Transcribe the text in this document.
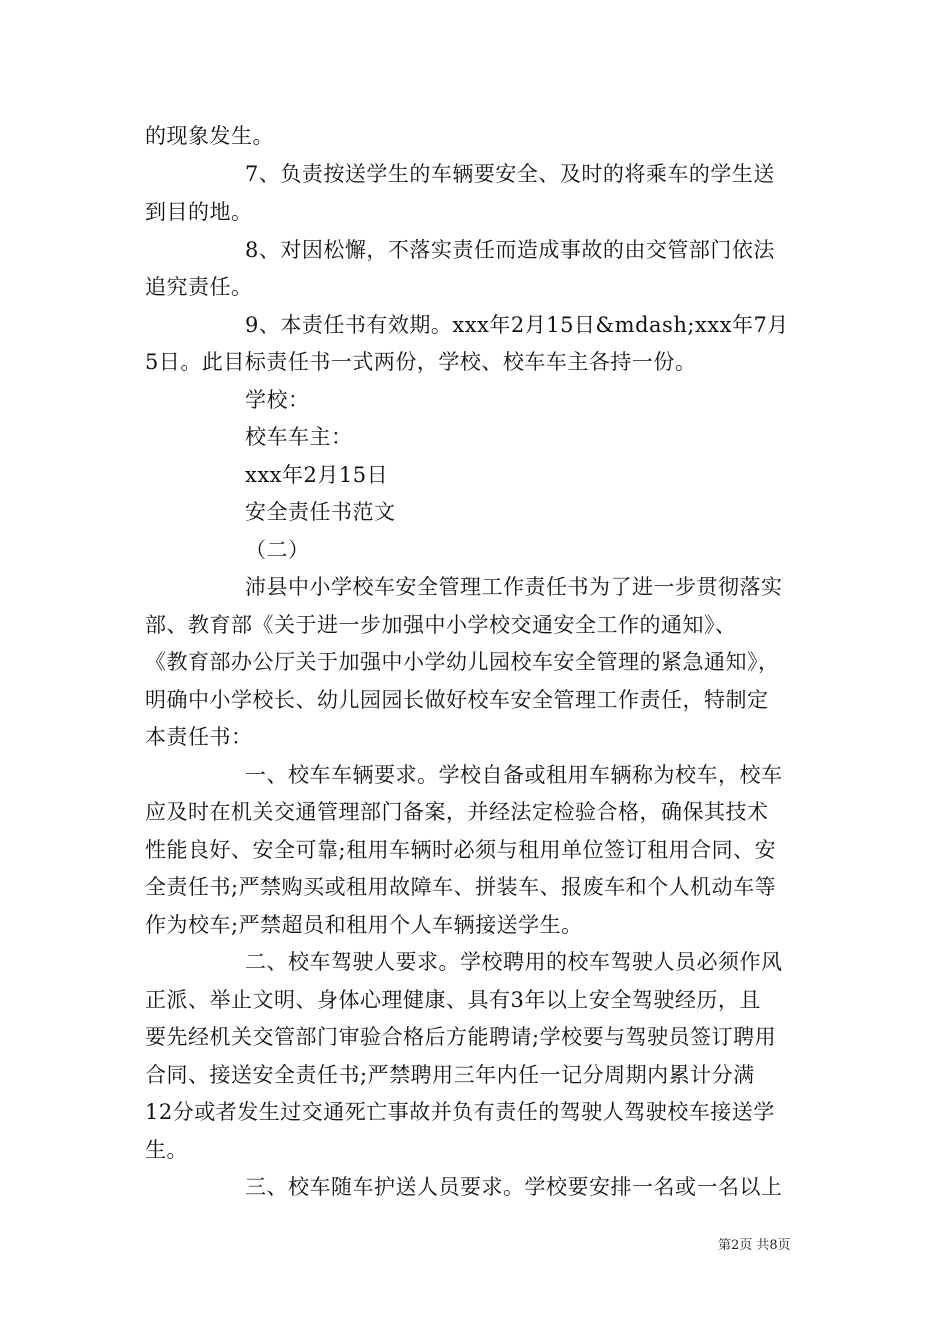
的现象发生。
7、负责按送学生的车辆要安全、及时的将乘车的学生送
到目的地。
8、对因松懈，不落实责任而造成事故的由交管部门依法
追究责任。
9、本责任书有效期。xxx年2月15日&mdash;xxx年7月
5日。此目标责任书一式两份，学校、校车车主各持一份。
学校：
校车车主：
xxx年2月15日
安全责任书范文
（二）
沛县中小学校车安全管理工作责任书为了进一步贯彻落实
部、教育部《关于进一步加强中小学校交通安全工作的通知》、
《教育部办公厅关于加强中小学幼儿园校车安全管理的紧急通知》，
明确中小学校长、幼儿园园长做好校车安全管理工作责任，特制定
本责任书：
一、校车车辆要求。学校自备或租用车辆称为校车，校车
应及时在机关交通管理部门备案，并经法定检验合格，确保其技术
性能良好、安全可靠;租用车辆时必须与租用单位签订租用合同、安
全责任书;严禁购买或租用故障车、拼装车、报废车和个人机动车等
作为校车;严禁超员和租用个人车辆接送学生。
二、校车驾驶人要求。学校聘用的校车驾驶人员必须作风
正派、举止文明、身体心理健康、具有3年以上安全驾驶经历，且
要先经机关交管部门审验合格后方能聘请;学校要与驾驶员签订聘用
合同、接送安全责任书;严禁聘用三年内任一记分周期内累计分满
12分或者发生过交通死亡事故并负有责任的驾驶人驾驶校车接送学
生。
三、校车随车护送人员要求。学校要安排一名或一名以上
第2页 共8页
